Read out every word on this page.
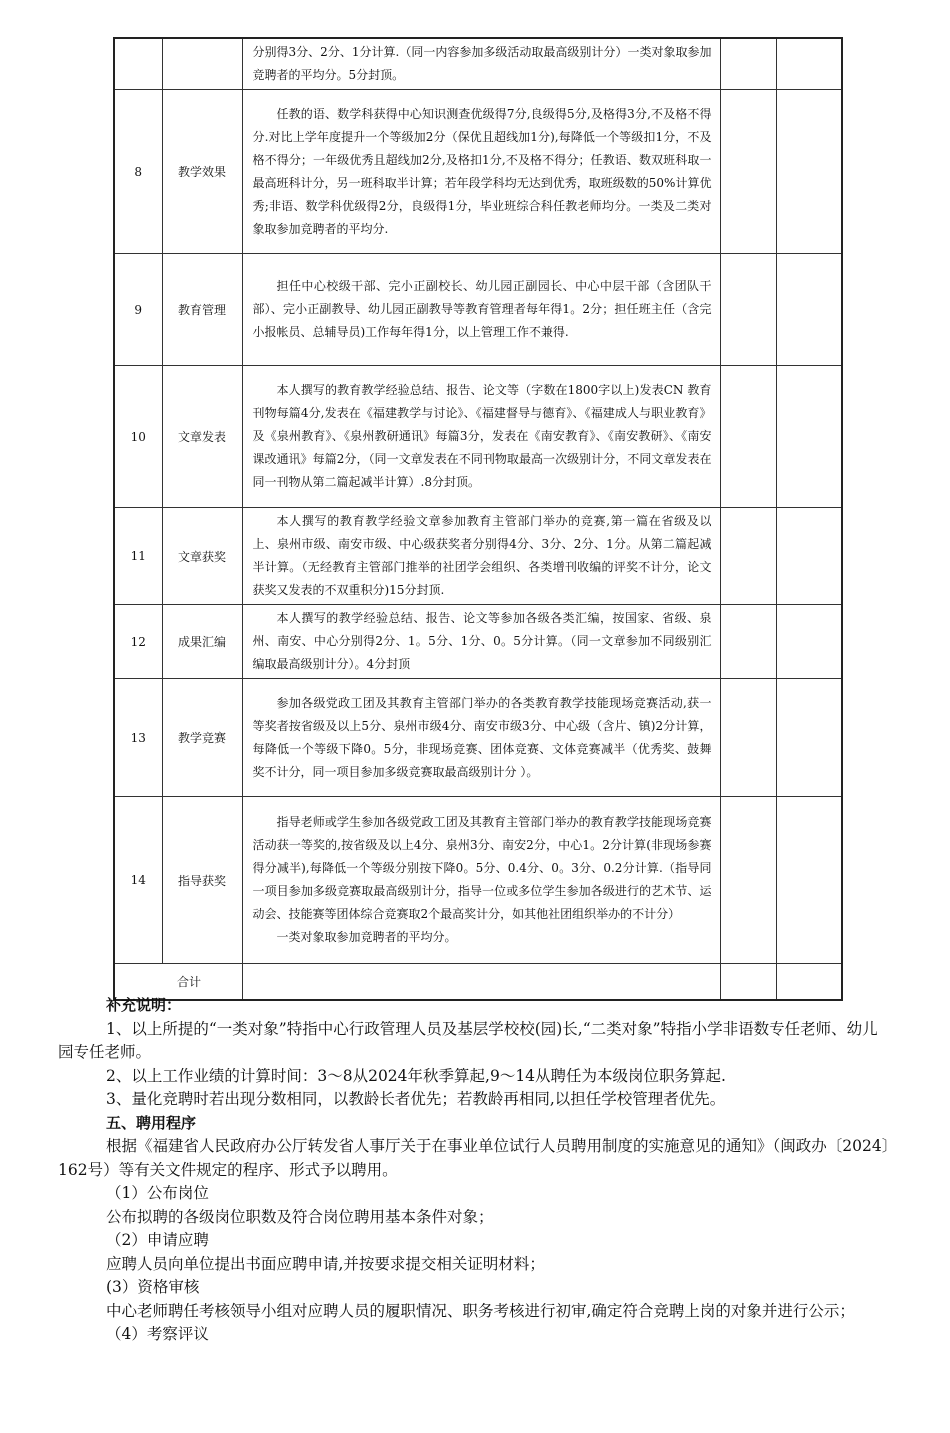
		分别得3分、2分、1分计算.（同一内容参加多级活动取最高级别计分）一类对象取参加竞聘者的平均分。5分封顶。		

8	教学效果	任教的语、数学科获得中心知识测查优级得7分,良级得5分,及格得3分,不及格不得分.对比上学年度提升一个等级加2分（保优且超线加1分),每降低一个等级扣1分，不及格不得分；一年级优秀且超线加2分,及格扣1分,不及格不得分；任教语、数双班科取一最高班科计分，另一班科取半计算；若年段学科均无达到优秀，取班级数的50%计算优秀;非语、数学科优级得2分，良级得1分，毕业班综合科任教老师均分。一类及二类对象取参加竞聘者的平均分.		

9	教育管理	担任中心校级干部、完小正副校长、幼儿园正副园长、中心中层干部（含团队干部）、完小正副教导、幼儿园正副教导等教育管理者每年得1。2分；担任班主任（含完小报帐员、总辅导员)工作每年得1分，以上管理工作不兼得.		

10	文章发表	本人撰写的教育教学经验总结、报告、论文等（字数在1800字以上)发表CN 教育刊物每篇4分,发表在《福建教学与讨论》、《福建督导与德育》、《福建成人与职业教育》及《泉州教育》、《泉州教研通讯》每篇3分，发表在《南安教育》、《南安教研》、《南安课改通讯》每篇2分，（同一文章发表在不同刊物取最高一次级别计分，不同文章发表在同一刊物从第二篇起减半计算）.8分封顶。		

11	文章获奖	本人撰写的教育教学经验文章参加教育主管部门举办的竞赛,第一篇在省级及以上、泉州市级、南安市级、中心级获奖者分别得4分、3分、2分、1分。从第二篇起减半计算。（无经教育主管部门推举的社团学会组织、各类增刊收编的评奖不计分，论文获奖又发表的不双重积分)15分封顶.		

12	成果汇编	本人撰写的教学经验总结、报告、论文等参加各级各类汇编，按国家、省级、泉州、南安、中心分别得2分、1。5分、1分、0。5分计算。（同一文章参加不同级别汇编取最高级别计分）。4分封顶		

13	教学竞赛	参加各级党政工团及其教育主管部门举办的各类教育教学技能现场竞赛活动,获一等奖者按省级及以上5分、泉州市级4分、南安市级3分、中心级（含片、镇)2分计算，每降低一个等级下降0。5分，非现场竞赛、团体竞赛、文体竞赛减半（优秀奖、鼓舞奖不计分，同一项目参加多级竞赛取最高级别计分 ）。		

14	指导获奖	指导老师或学生参加各级党政工团及其教育主管部门举办的教育教学技能现场竞赛活动获一等奖的,按省级及以上4分、泉州3分、南安2分，中心1。2分计算(非现场参赛得分减半),每降低一个等级分别按下降0。5分、0.4分、0。3分、0.2分计算.（指导同一项目参加多级竞赛取最高级别计分，指导一位或多位学生参加各级进行的艺术节、运动会、技能赛等团体综合竞赛取2个最高奖计分，如其他社团组织举办的不计分）

一类对象取参加竞聘者的平均分。		

合计				

补充说明：

1、以上所提的“一类对象”特指中心行政管理人员及基层学校校(园)长,“二类对象”特指小学非语数专任老师、幼儿园专任老师。

2、以上工作业绩的计算时间：3～8从2024年秋季算起,9～14从聘任为本级岗位职务算起.

3、量化竞聘时若出现分数相同，以教龄长者优先；若教龄再相同,以担任学校管理者优先。

五、聘用程序

根据《福建省人民政府办公厅转发省人事厅关于在事业单位试行人员聘用制度的实施意见的通知》（闽政办〔2024〕162号）等有关文件规定的程序、形式予以聘用。

（1）公布岗位

公布拟聘的各级岗位职数及符合岗位聘用基本条件对象；

（2）申请应聘

应聘人员向单位提出书面应聘申请,并按要求提交相关证明材料；

(3）资格审核

中心老师聘任考核领导小组对应聘人员的履职情况、职务考核进行初审,确定符合竞聘上岗的对象并进行公示；

（4）考察评议
